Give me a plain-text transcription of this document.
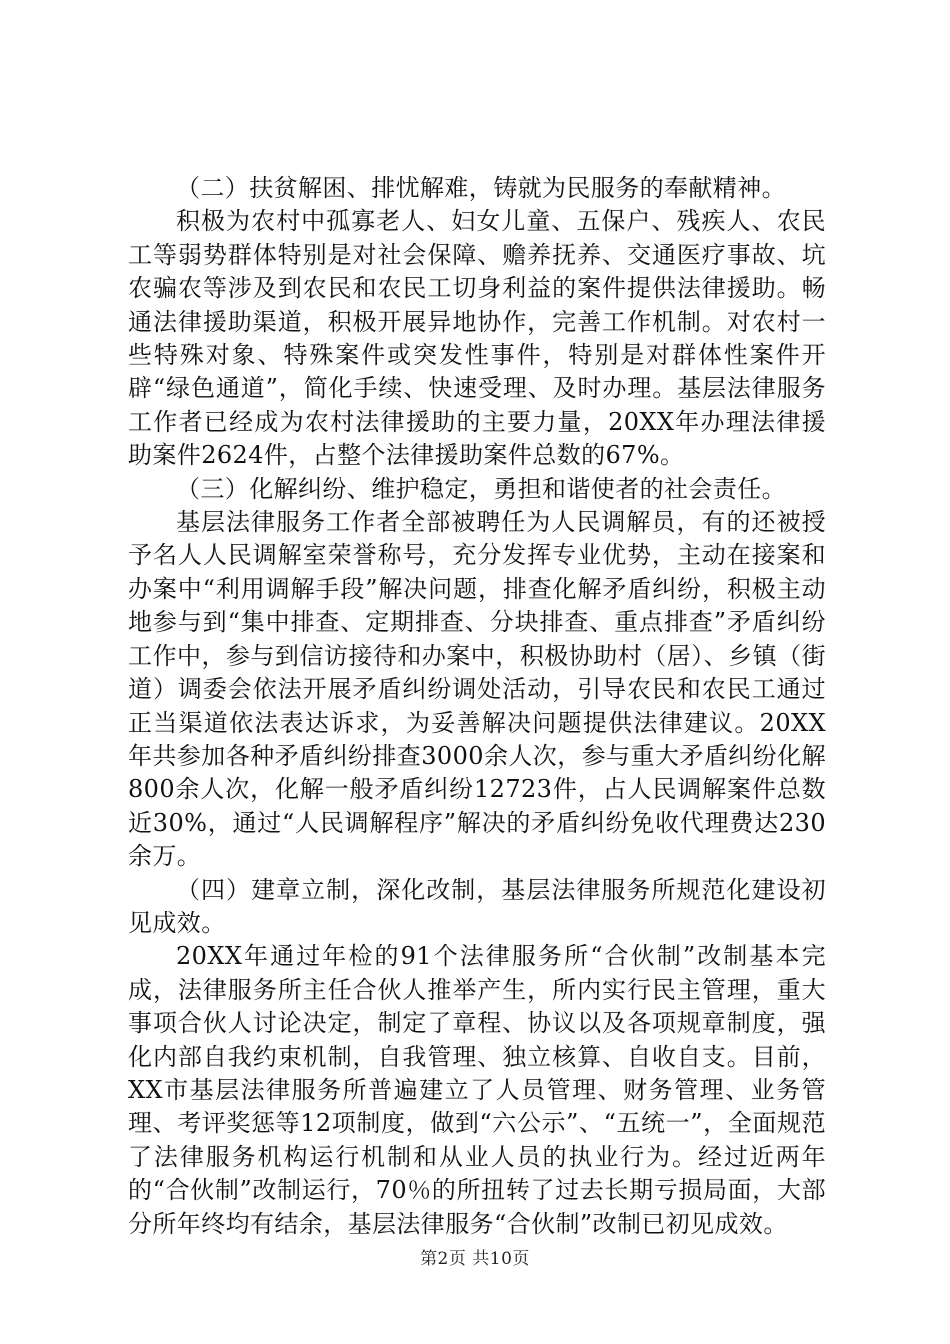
（二）扶贫解困、排忧解难，铸就为民服务的奉献精神。

积极为农村中孤寡老人、妇女儿童、五保户、残疾人、农民工等弱势群体特别是对社会保障、赡养抚养、交通医疗事故、坑农骗农等涉及到农民和农民工切身利益的案件提供法律援助。畅通法律援助渠道，积极开展异地协作，完善工作机制。对农村一些特殊对象、特殊案件或突发性事件，特别是对群体性案件开辟“绿色通道”，简化手续、快速受理、及时办理。基层法律服务工作者已经成为农村法律援助的主要力量，20XX年办理法律援助案件2624件，占整个法律援助案件总数的67%。

（三）化解纠纷、维护稳定，勇担和谐使者的社会责任。

基层法律服务工作者全部被聘任为人民调解员，有的还被授予名人人民调解室荣誉称号，充分发挥专业优势，主动在接案和办案中“利用调解手段”解决问题，排查化解矛盾纠纷，积极主动地参与到“集中排查、定期排查、分块排查、重点排查”矛盾纠纷工作中，参与到信访接待和办案中，积极协助村（居）、乡镇（街道）调委会依法开展矛盾纠纷调处活动，引导农民和农民工通过正当渠道依法表达诉求，为妥善解决问题提供法律建议。20XX年共参加各种矛盾纠纷排查3000余人次，参与重大矛盾纠纷化解800余人次，化解一般矛盾纠纷12723件，占人民调解案件总数近30%，通过“人民调解程序”解决的矛盾纠纷免收代理费达230余万。

（四）建章立制，深化改制，基层法律服务所规范化建设初见成效。

20XX年通过年检的91个法律服务所“合伙制”改制基本完成，法律服务所主任合伙人推举产生，所内实行民主管理，重大事项合伙人讨论决定，制定了章程、协议以及各项规章制度，强化内部自我约束机制，自我管理、独立核算、自收自支。目前，XX市基层法律服务所普遍建立了人员管理、财务管理、业务管理、考评奖惩等12项制度，做到“六公示”、“五统一”，全面规范了法律服务机构运行机制和从业人员的执业行为。经过近两年的“合伙制”改制运行，70％的所扭转了过去长期亏损局面，大部分所年终均有结余，基层法律服务“合伙制”改制已初见成效。

第2页 共10页
